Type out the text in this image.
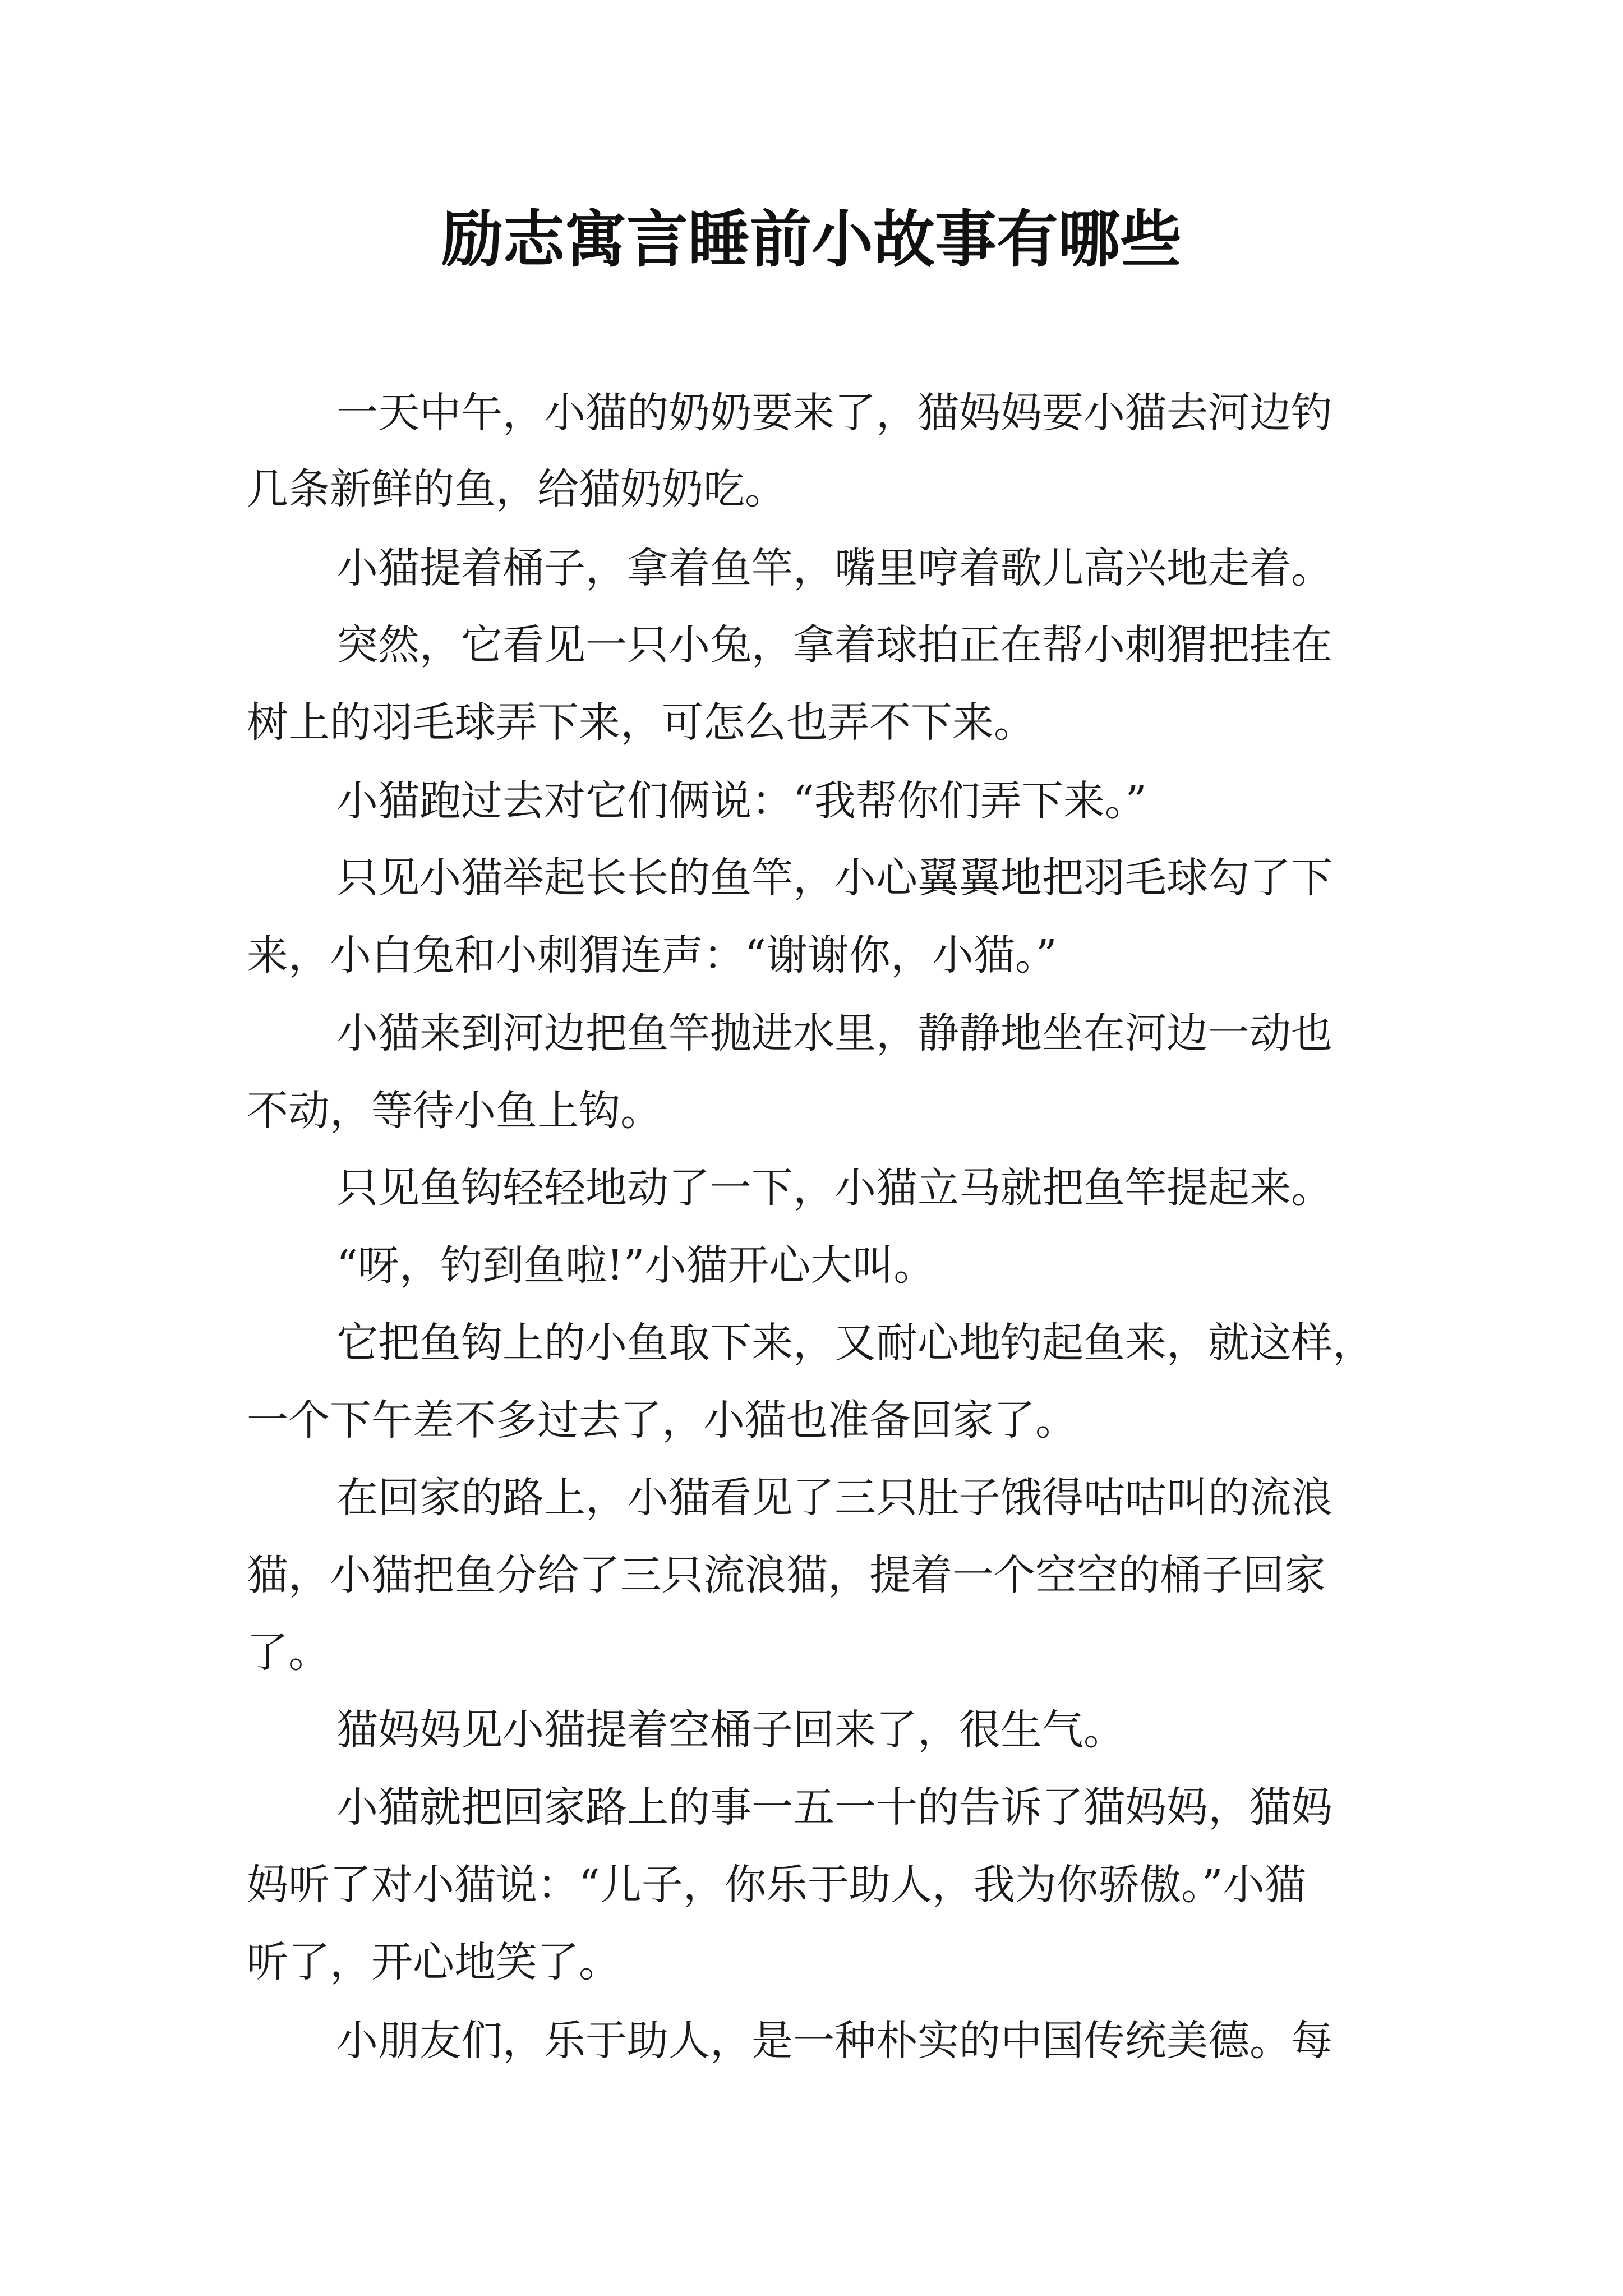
励志寓言睡前小故事有哪些

一天中午，小猫的奶奶要来了，猫妈妈要小猫去河边钓

几条新鲜的鱼，给猫奶奶吃。

小猫提着桶子，拿着鱼竿，嘴里哼着歌儿高兴地走着。

突然，它看见一只小兔，拿着球拍正在帮小刺猬把挂在

树上的羽毛球弄下来，可怎么也弄不下来。

小猫跑过去对它们俩说：“我帮你们弄下来。”

只见小猫举起长长的鱼竿，小心翼翼地把羽毛球勾了下

来，小白兔和小刺猬连声：“谢谢你，小猫。”

小猫来到河边把鱼竿抛进水里，静静地坐在河边一动也

不动，等待小鱼上钩。

只见鱼钩轻轻地动了一下，小猫立马就把鱼竿提起来。

“呀，钓到鱼啦!”小猫开心大叫。

它把鱼钩上的小鱼取下来，又耐心地钓起鱼来，就这样，

一个下午差不多过去了，小猫也准备回家了。

在回家的路上，小猫看见了三只肚子饿得咕咕叫的流浪

猫，小猫把鱼分给了三只流浪猫，提着一个空空的桶子回家

了。

猫妈妈见小猫提着空桶子回来了，很生气。

小猫就把回家路上的事一五一十的告诉了猫妈妈，猫妈

妈听了对小猫说：“儿子，你乐于助人，我为你骄傲。”小猫

听了，开心地笑了。

小朋友们，乐于助人，是一种朴实的中国传统美德。每
